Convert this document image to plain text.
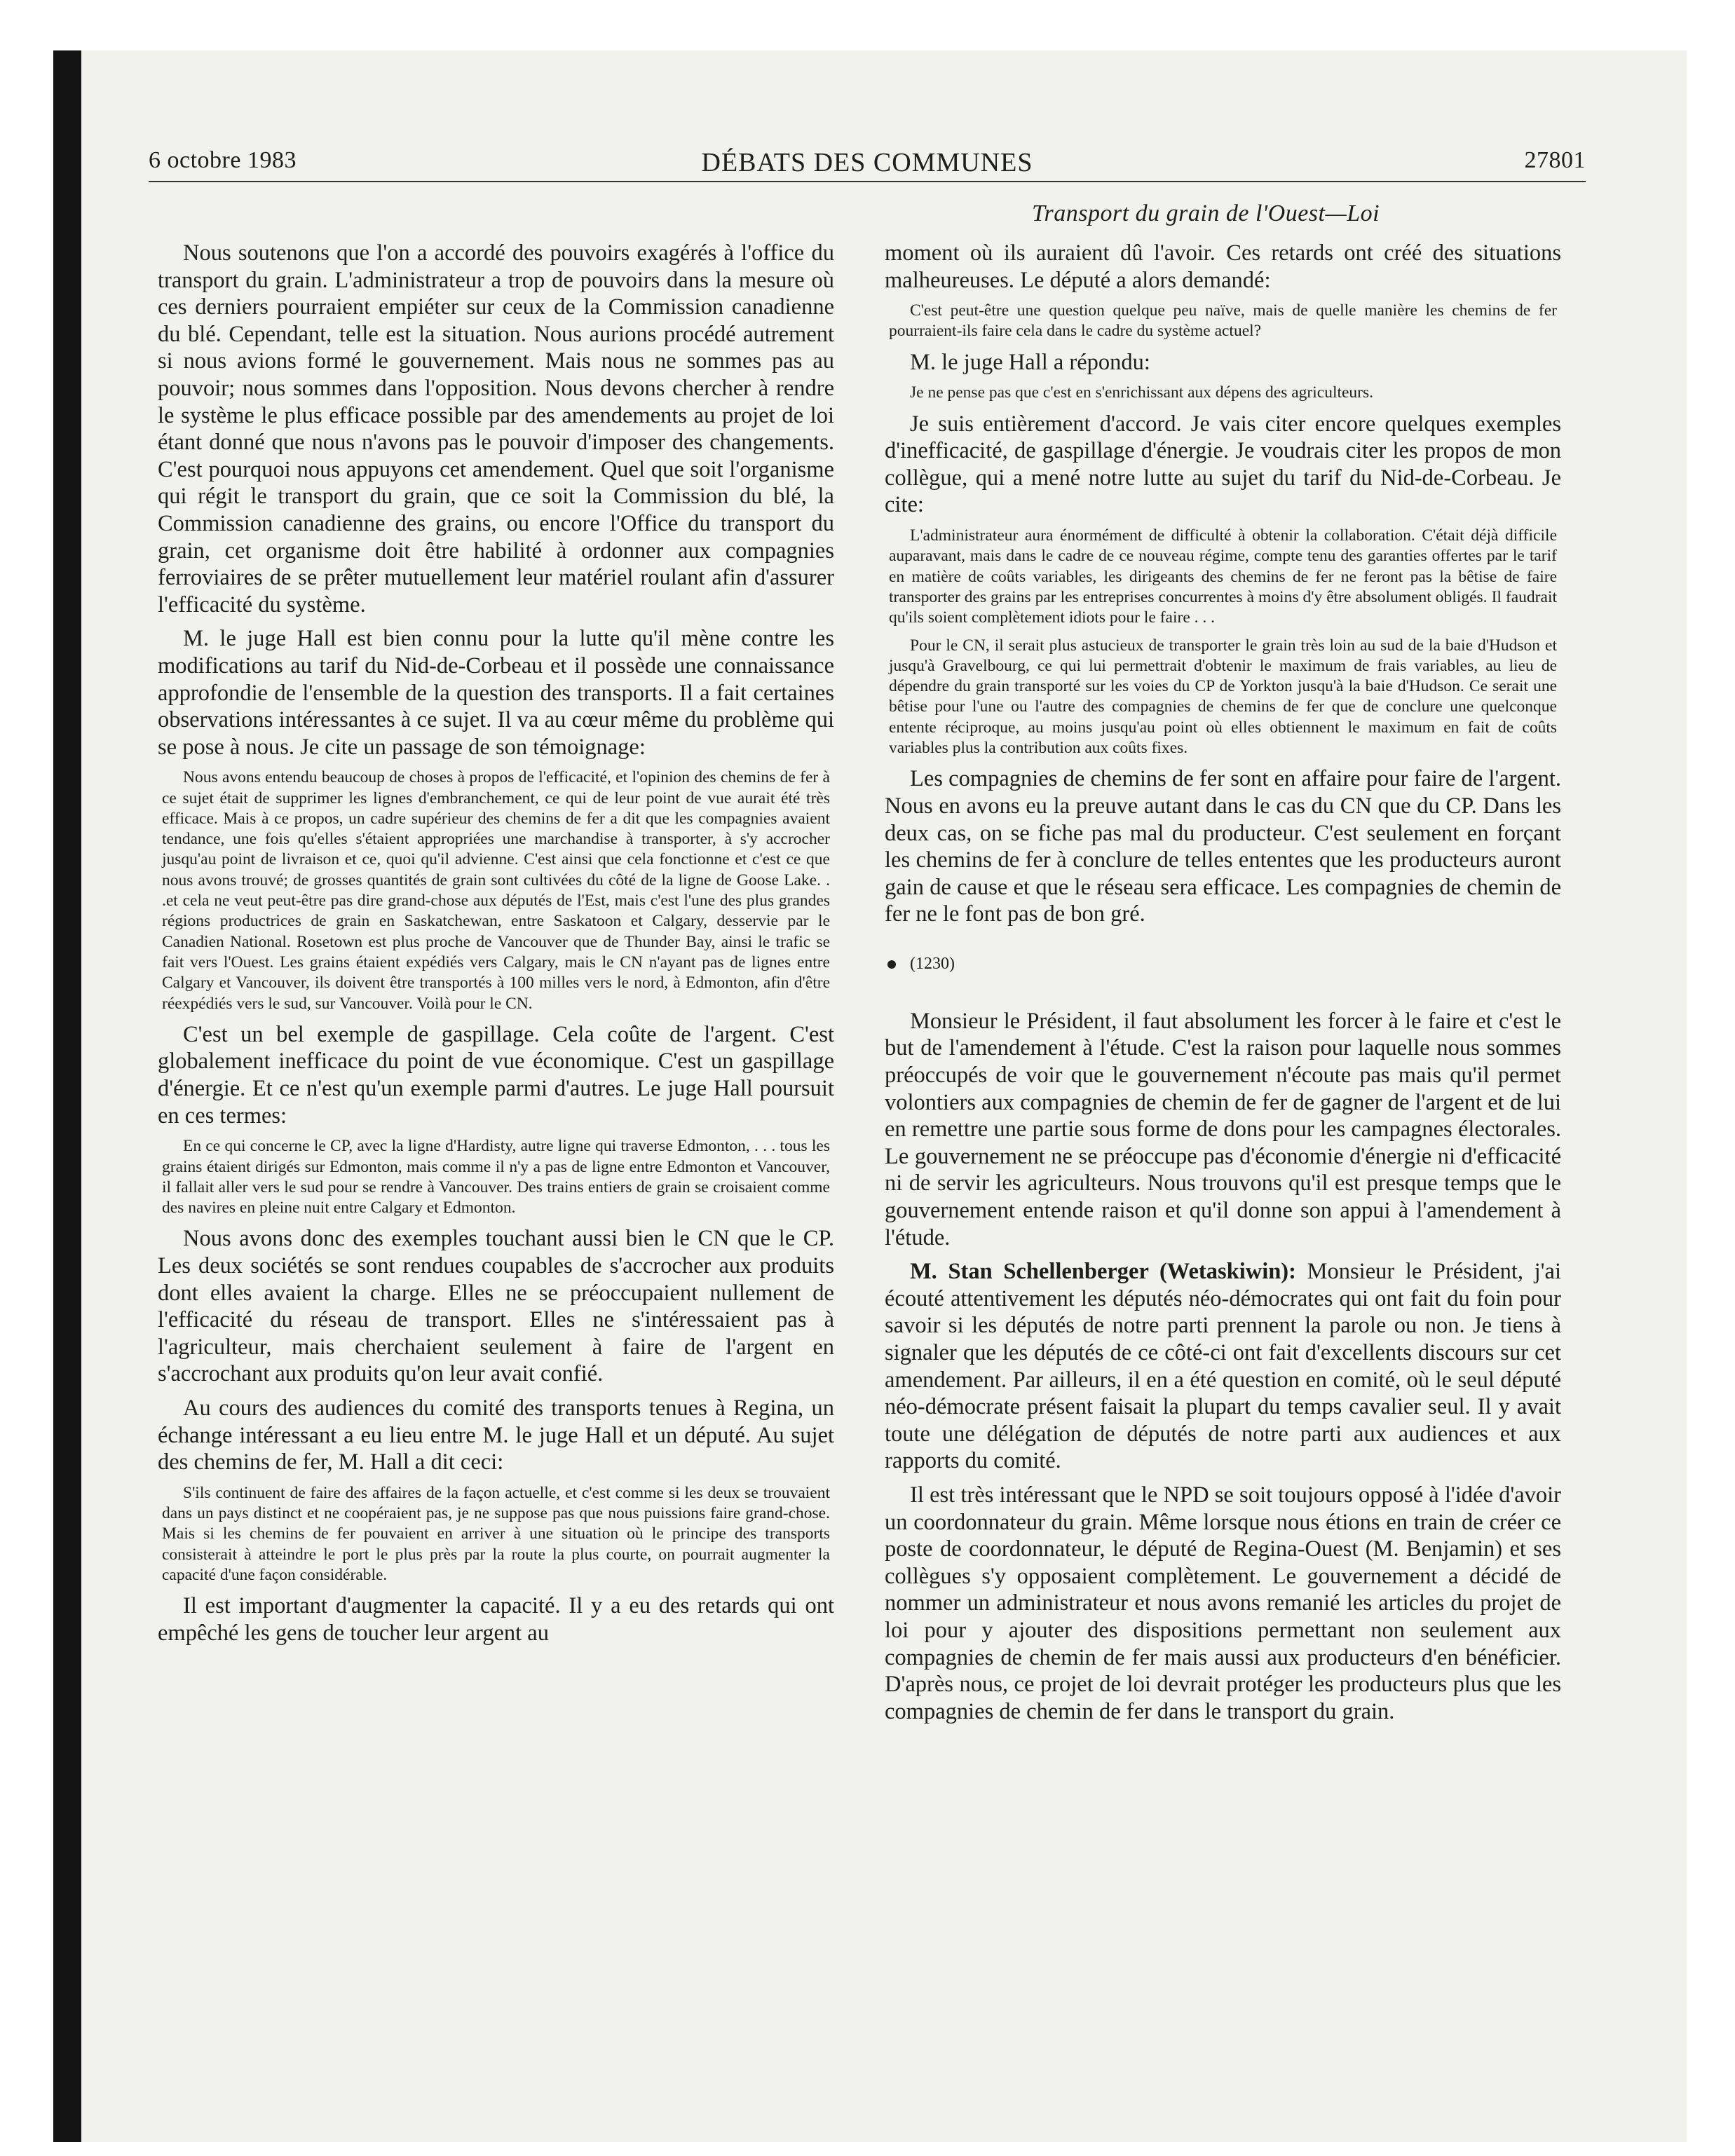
6 octobre 1983	DÉBATS DES COMMUNES	27801
Transport du grain de l'Ouest—Loi

Nous soutenons que l'on a accordé des pouvoirs exagérés à l'office du transport du grain. L'administrateur a trop de pouvoirs dans la mesure où ces derniers pourraient empiéter sur ceux de la Commission canadienne du blé. Cependant, telle est la situation. Nous aurions procédé autrement si nous avions formé le gouvernement. Mais nous ne sommes pas au pouvoir; nous sommes dans l'opposition. Nous devons chercher à rendre le système le plus efficace possible par des amendements au projet de loi étant donné que nous n'avons pas le pouvoir d'imposer des changements. C'est pourquoi nous appuyons cet amendement. Quel que soit l'organisme qui régit le transport du grain, que ce soit la Commission du blé, la Commission canadienne des grains, ou encore l'Office du transport du grain, cet organisme doit être habilité à ordonner aux compagnies ferroviaires de se prêter mutuellement leur matériel roulant afin d'assurer l'efficacité du système.

M. le juge Hall est bien connu pour la lutte qu'il mène contre les modifications au tarif du Nid-de-Corbeau et il possède une connaissance approfondie de l'ensemble de la question des transports. Il a fait certaines observations intéressantes à ce sujet. Il va au cœur même du problème qui se pose à nous. Je cite un passage de son témoignage:

Nous avons entendu beaucoup de choses à propos de l'efficacité, et l'opinion des chemins de fer à ce sujet était de supprimer les lignes d'embranchement, ce qui de leur point de vue aurait été très efficace. Mais à ce propos, un cadre supérieur des chemins de fer a dit que les compagnies avaient tendance, une fois qu'elles s'étaient appropriées une marchandise à transporter, à s'y accrocher jusqu'au point de livraison et ce, quoi qu'il advienne. C'est ainsi que cela fonctionne et c'est ce que nous avons trouvé; de grosses quantités de grain sont cultivées du côté de la ligne de Goose Lake. . .et cela ne veut peut-être pas dire grand-chose aux députés de l'Est, mais c'est l'une des plus grandes régions productrices de grain en Saskatchewan, entre Saskatoon et Calgary, desservie par le Canadien National. Rosetown est plus proche de Vancouver que de Thunder Bay, ainsi le trafic se fait vers l'Ouest. Les grains étaient expédiés vers Calgary, mais le CN n'ayant pas de lignes entre Calgary et Vancouver, ils doivent être transportés à 100 milles vers le nord, à Edmonton, afin d'être réexpédiés vers le sud, sur Vancouver. Voilà pour le CN.

C'est un bel exemple de gaspillage. Cela coûte de l'argent. C'est globalement inefficace du point de vue économique. C'est un gaspillage d'énergie. Et ce n'est qu'un exemple parmi d'autres. Le juge Hall poursuit en ces termes:

En ce qui concerne le CP, avec la ligne d'Hardisty, autre ligne qui traverse Edmonton, . . . tous les grains étaient dirigés sur Edmonton, mais comme il n'y a pas de ligne entre Edmonton et Vancouver, il fallait aller vers le sud pour se rendre à Vancouver. Des trains entiers de grain se croisaient comme des navires en pleine nuit entre Calgary et Edmonton.

Nous avons donc des exemples touchant aussi bien le CN que le CP. Les deux sociétés se sont rendues coupables de s'accrocher aux produits dont elles avaient la charge. Elles ne se préoccupaient nullement de l'efficacité du réseau de transport. Elles ne s'intéressaient pas à l'agriculteur, mais cherchaient seulement à faire de l'argent en s'accrochant aux produits qu'on leur avait confié.

Au cours des audiences du comité des transports tenues à Regina, un échange intéressant a eu lieu entre M. le juge Hall et un député. Au sujet des chemins de fer, M. Hall a dit ceci:

S'ils continuent de faire des affaires de la façon actuelle, et c'est comme si les deux se trouvaient dans un pays distinct et ne coopéraient pas, je ne suppose pas que nous puissions faire grand-chose. Mais si les chemins de fer pouvaient en arriver à une situation où le principe des transports consisterait à atteindre le port le plus près par la route la plus courte, on pourrait augmenter la capacité d'une façon considérable.

Il est important d'augmenter la capacité. Il y a eu des retards qui ont empêché les gens de toucher leur argent au

moment où ils auraient dû l'avoir. Ces retards ont créé des situations malheureuses. Le député a alors demandé:

C'est peut-être une question quelque peu naïve, mais de quelle manière les chemins de fer pourraient-ils faire cela dans le cadre du système actuel?

M. le juge Hall a répondu:

Je ne pense pas que c'est en s'enrichissant aux dépens des agriculteurs.

Je suis entièrement d'accord. Je vais citer encore quelques exemples d'inefficacité, de gaspillage d'énergie. Je voudrais citer les propos de mon collègue, qui a mené notre lutte au sujet du tarif du Nid-de-Corbeau. Je cite:

L'administrateur aura énormément de difficulté à obtenir la collaboration. C'était déjà difficile auparavant, mais dans le cadre de ce nouveau régime, compte tenu des garanties offertes par le tarif en matière de coûts variables, les dirigeants des chemins de fer ne feront pas la bêtise de faire transporter des grains par les entreprises concurrentes à moins d'y être absolument obligés. Il faudrait qu'ils soient complètement idiots pour le faire . . .
Pour le CN, il serait plus astucieux de transporter le grain très loin au sud de la baie d'Hudson et jusqu'à Gravelbourg, ce qui lui permettrait d'obtenir le maximum de frais variables, au lieu de dépendre du grain transporté sur les voies du CP de Yorkton jusqu'à la baie d'Hudson. Ce serait une bêtise pour l'une ou l'autre des compagnies de chemins de fer que de conclure une quelconque entente réciproque, au moins jusqu'au point où elles obtiennent le maximum en fait de coûts variables plus la contribution aux coûts fixes.

Les compagnies de chemins de fer sont en affaire pour faire de l'argent. Nous en avons eu la preuve autant dans le cas du CN que du CP. Dans les deux cas, on se fiche pas mal du producteur. C'est seulement en forçant les chemins de fer à conclure de telles ententes que les producteurs auront gain de cause et que le réseau sera efficace. Les compagnies de chemin de fer ne le font pas de bon gré.

(1230)

Monsieur le Président, il faut absolument les forcer à le faire et c'est le but de l'amendement à l'étude. C'est la raison pour laquelle nous sommes préoccupés de voir que le gouvernement n'écoute pas mais qu'il permet volontiers aux compagnies de chemin de fer de gagner de l'argent et de lui en remettre une partie sous forme de dons pour les campagnes électorales. Le gouvernement ne se préoccupe pas d'économie d'énergie ni d'efficacité ni de servir les agriculteurs. Nous trouvons qu'il est presque temps que le gouvernement entende raison et qu'il donne son appui à l'amendement à l'étude.

M. Stan Schellenberger (Wetaskiwin): Monsieur le Président, j'ai écouté attentivement les députés néo-démocrates qui ont fait du foin pour savoir si les députés de notre parti prennent la parole ou non. Je tiens à signaler que les députés de ce côté-ci ont fait d'excellents discours sur cet amendement. Par ailleurs, il en a été question en comité, où le seul député néo-démocrate présent faisait la plupart du temps cavalier seul. Il y avait toute une délégation de députés de notre parti aux audiences et aux rapports du comité.

Il est très intéressant que le NPD se soit toujours opposé à l'idée d'avoir un coordonnateur du grain. Même lorsque nous étions en train de créer ce poste de coordonnateur, le député de Regina-Ouest (M. Benjamin) et ses collègues s'y opposaient complètement. Le gouvernement a décidé de nommer un administrateur et nous avons remanié les articles du projet de loi pour y ajouter des dispositions permettant non seulement aux compagnies de chemin de fer mais aussi aux producteurs d'en bénéficier. D'après nous, ce projet de loi devrait protéger les producteurs plus que les compagnies de chemin de fer dans le transport du grain.
